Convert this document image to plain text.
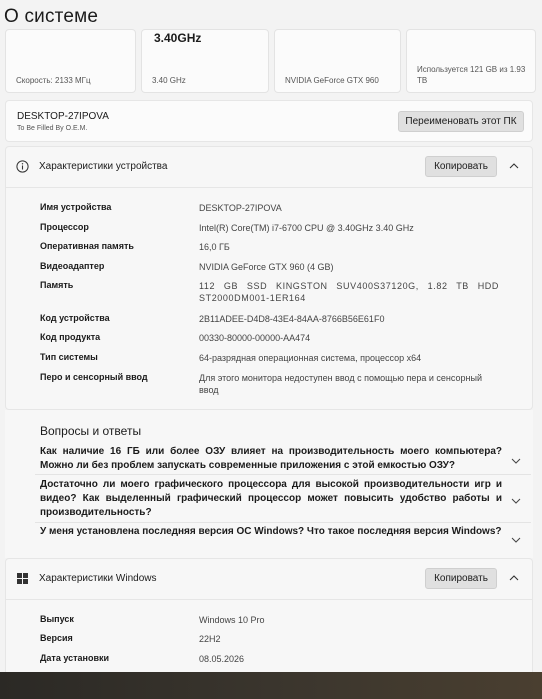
О системе
Скорость: 2133 МГц
3.40GHz
3.40 GHz	NVIDIA GeForce GTX 960
Используется 121 GB из 1.93 TB
DESKTOP-27IPOVA
To Be Filled By O.E.M.
Переименовать этот ПК
Характеристики устройства	Копировать
Имя устройства	DESKTOP-27IPOVA
Процессор	Intel(R) Core(TM) i7-6700 CPU @ 3.40GHz 3.40 GHz
Оперативная память	16,0 ГБ
Видеоадаптер	NVIDIA GeForce GTX 960 (4 GB)
Память	112 GB SSD KINGSTON SUV400S37120G, 1.82 TB HDD ST2000DM001-1ER164
Код устройства	2B11ADEE-D4D8-43E4-84AA-8766B56E61F0
Код продукта	00330-80000-00000-AA474
Тип системы	64-разрядная операционная система, процессор x64
Перо и сенсорный ввод	Для этого монитора недоступен ввод с помощью пера и сенсорный ввод
Вопросы и ответы
Как наличие 16 ГБ или более ОЗУ влияет на производительность моего компьютера? Можно ли без проблем запускать современные приложения с этой емкостью ОЗУ?
Достаточно ли моего графического процессора для высокой производительности игр и видео? Как выделенный графический процессор может повысить удобство работы и производительность?
У меня установлена последняя версия ОС Windows? Что такое последняя версия Windows?
Характеристики Windows	Копировать
Выпуск	Windows 10 Pro
Версия	22H2
Дата установки	08.05.2026
